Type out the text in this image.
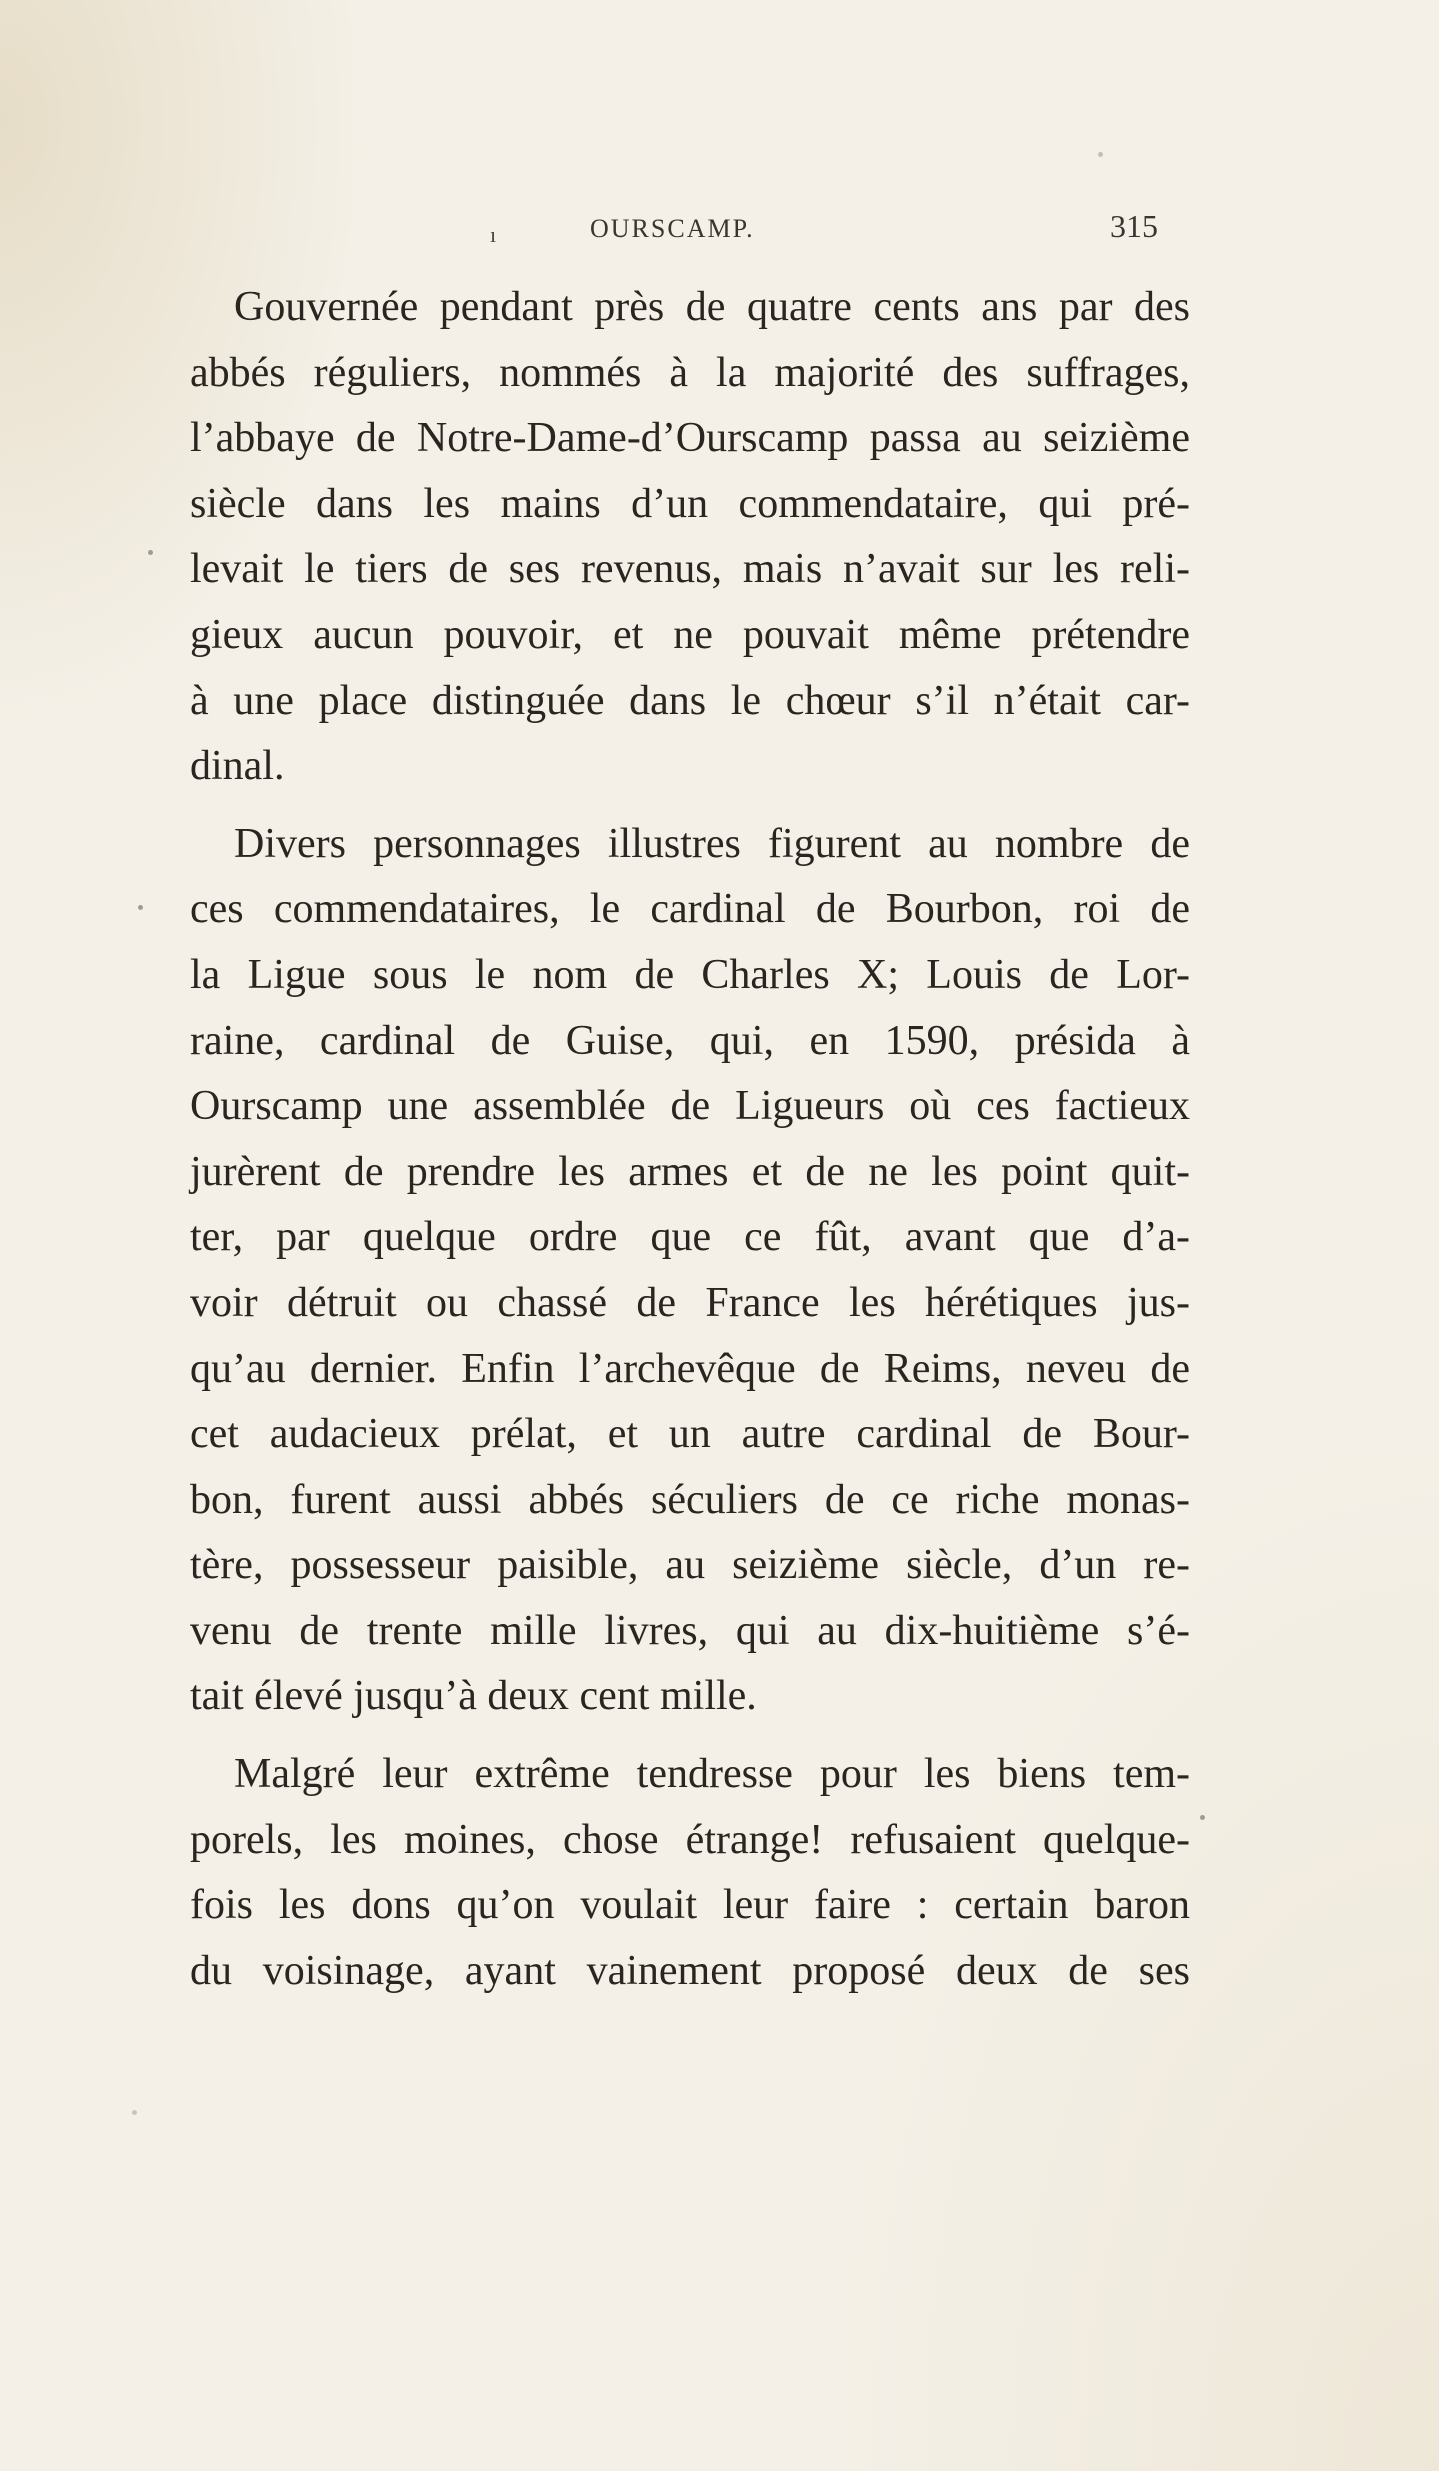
ı	OURSCAMP.	315
Gouvernée pendant près de quatre cents ans par des
abbés réguliers, nommés à la majorité des suffrages,
l’abbaye de Notre-Dame-d’Ourscamp passa au seizième
siècle dans les mains d’un commendataire, qui pré-
levait le tiers de ses revenus, mais n’avait sur les reli-
gieux aucun pouvoir, et ne pouvait même prétendre
à une place distinguée dans le chœur s’il n’était car-
dinal.
Divers personnages illustres figurent au nombre de
ces commendataires, le cardinal de Bourbon, roi de
la Ligue sous le nom de Charles X; Louis de Lor-
raine, cardinal de Guise, qui, en 1590, présida à
Ourscamp une assemblée de Ligueurs où ces factieux
jurèrent de prendre les armes et de ne les point quit-
ter, par quelque ordre que ce fût, avant que d’a-
voir détruit ou chassé de France les hérétiques jus-
qu’au dernier. Enfin l’archevêque de Reims, neveu de
cet audacieux prélat, et un autre cardinal de Bour-
bon, furent aussi abbés séculiers de ce riche monas-
tère, possesseur paisible, au seizième siècle, d’un re-
venu de trente mille livres, qui au dix-huitième s’é-
tait élevé jusqu’à deux cent mille.
Malgré leur extrême tendresse pour les biens tem-
porels, les moines, chose étrange! refusaient quelque-
fois les dons qu’on voulait leur faire : certain baron
du voisinage, ayant vainement proposé deux de ses
